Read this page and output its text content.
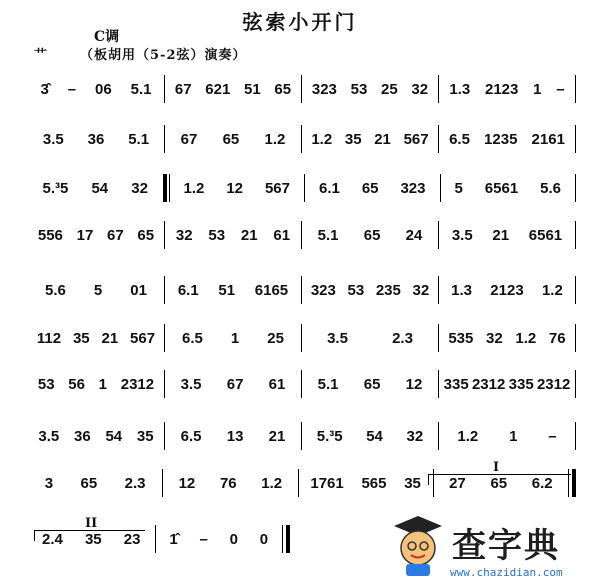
弦索小开门
C调
艹	（板胡用（5-2弦）演奏）
3̂ – 06 5.1 67 621 51 65 323 53 25 32 1.3 2123 1 –
3.5 36 5.1 67 65 1.2 1.2 35 21 567 6.5 1235 2161
5.³5 54 32 1.2 12 567 6.1 65 323 5 6561 5.6
556 17 67 65 32 53 21 61 5.1 65 24 3.5 21 6561
5.6 5 01 6.1 51 6165 323 53 235 32 1.3 2123 1.2
112 35 21 567 6.5 1 25	3.5	2.3 535 32 1.2 76
53 56 1 2312 3.5 67 61 5.1 65 12 335 2312 335 2312
3.5 36 54 35 6.5 13 21 5.³5 54 32 1.2 1 –
3 65 2.3 12 76 1.2 1761 565 35 27 65 6.2
2.4 35 23 1̂ – 0 0
I
II
查字典
www.chazidian.com
